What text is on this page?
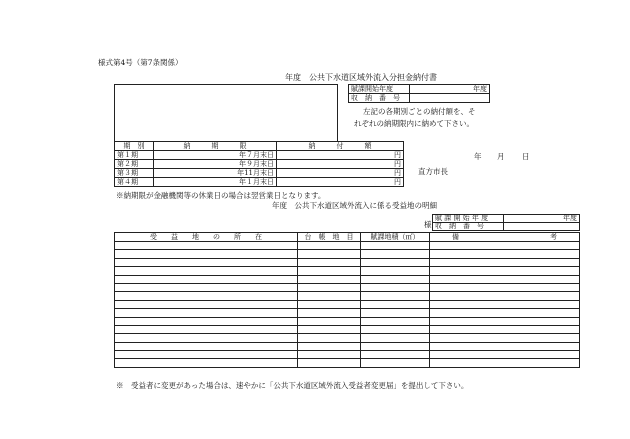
様式第4号（第7条関係）
年度　公共下水道区域外流入分担金納付書
賦課開始年度	年度
収　納　番　号	
左記の各期別ごとの納付額を、そ
れぞれの納期限内に納めて下さい。
期　別	納　　　期　　　限	納　　　付　　　額
第１期	年７月末日	円
第２期	年９月末日	円
第３期	年11月末日	円
第４期	年１月末日	円
年 月 日
直方市長
※納期限が金融機関等の休業日の場合は翌営業日となります。
年度　公共下水道区域外流入に係る受益地の明細
様
賦 課 開 始 年 度	年度
収　納　番　号	
受　　益　　地　　の　　所　　在	台　帳　地　目	賦課地積（㎡）	備　　　　　　　　　　　　　考

※　受益者に変更があった場合は、速やかに「公共下水道区域外流入受益者変更届」を提出して下さい。
